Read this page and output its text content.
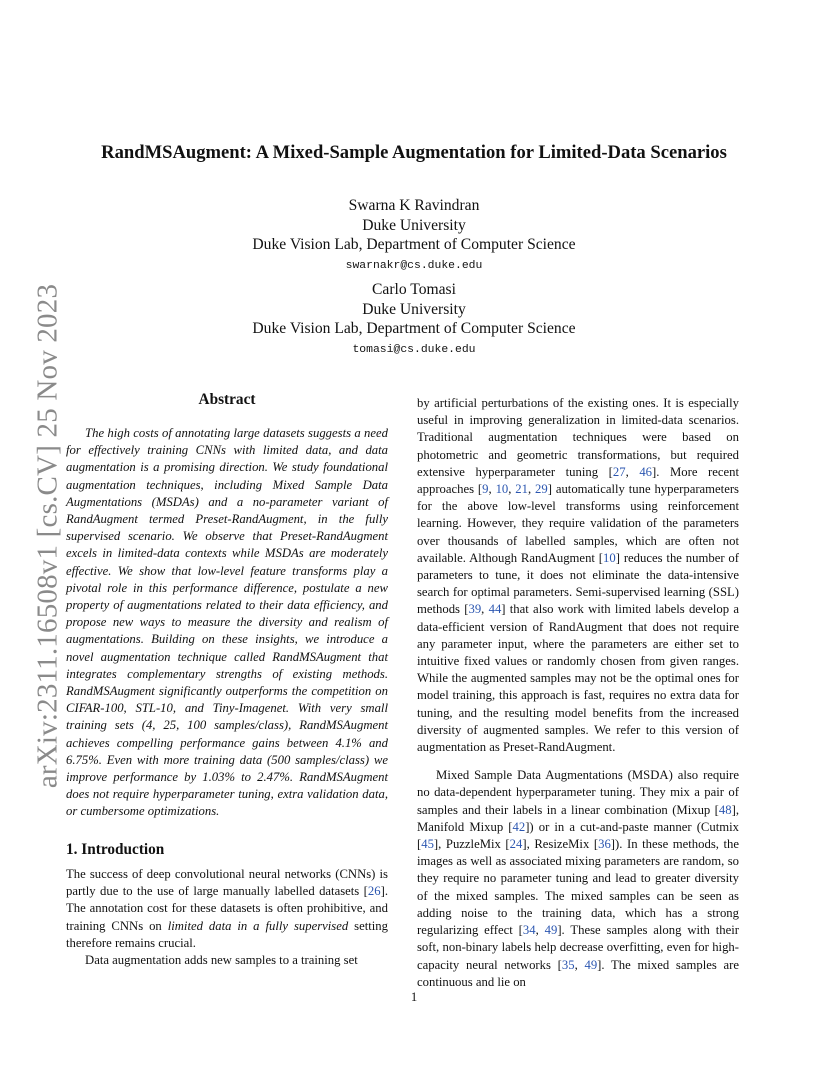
arXiv:2311.16508v1 [cs.CV] 25 Nov 2023
RandMSAugment: A Mixed-Sample Augmentation for Limited-Data Scenarios
Swarna K Ravindran
Duke University
Duke Vision Lab, Department of Computer Science
swarnakr@cs.duke.edu
Carlo Tomasi
Duke University
Duke Vision Lab, Department of Computer Science
tomasi@cs.duke.edu
Abstract

The high costs of annotating large datasets suggests a need for effectively training CNNs with limited data, and data augmentation is a promising direction. We study foundational augmentation techniques, including Mixed Sample Data Augmentations (MSDAs) and a no-parameter variant of RandAugment termed Preset-RandAugment, in the fully supervised scenario. We observe that Preset-RandAugment excels in limited-data contexts while MSDAs are moderately effective. We show that low-level feature transforms play a pivotal role in this performance difference, postulate a new property of augmentations related to their data efficiency, and propose new ways to measure the diversity and realism of augmentations. Building on these insights, we introduce a novel augmentation technique called RandMSAugment that integrates complementary strengths of existing methods. RandMSAugment significantly outperforms the competition on CIFAR-100, STL-10, and Tiny-Imagenet. With very small training sets (4, 25, 100 samples/class), RandMSAugment achieves compelling performance gains between 4.1% and 6.75%. Even with more training data (500 samples/class) we improve performance by 1.03% to 2.47%. RandMSAugment does not require hyperparameter tuning, extra validation data, or cumbersome optimizations.

1. Introduction

The success of deep convolutional neural networks (CNNs) is partly due to the use of large manually labelled datasets [26]. The annotation cost for these datasets is often prohibitive, and training CNNs on limited data in a fully supervised setting therefore remains crucial.

Data augmentation adds new samples to a training set

by artificial perturbations of the existing ones. It is especially useful in improving generalization in limited-data scenarios. Traditional augmentation techniques were based on photometric and geometric transformations, but required extensive hyperparameter tuning [27, 46]. More recent approaches [9, 10, 21, 29] automatically tune hyperparameters for the above low-level transforms using reinforcement learning. However, they require validation of the parameters over thousands of labelled samples, which are often not available. Although RandAugment [10] reduces the number of parameters to tune, it does not eliminate the data-intensive search for optimal parameters. Semi-supervised learning (SSL) methods [39, 44] that also work with limited labels develop a data-efficient version of RandAugment that does not require any parameter input, where the parameters are either set to intuitive fixed values or randomly chosen from given ranges. While the augmented samples may not be the optimal ones for model training, this approach is fast, requires no extra data for tuning, and the resulting model benefits from the increased diversity of augmented samples. We refer to this version of augmentation as Preset-RandAugment.

Mixed Sample Data Augmentations (MSDA) also require no data-dependent hyperparameter tuning. They mix a pair of samples and their labels in a linear combination (Mixup [48], Manifold Mixup [42]) or in a cut-and-paste manner (Cutmix [45], PuzzleMix [24], ResizeMix [36]). In these methods, the images as well as associated mixing parameters are random, so they require no parameter tuning and lead to greater diversity of the mixed samples. The mixed samples can be seen as adding noise to the training data, which has a strong regularizing effect [34, 49]. These samples along with their soft, non-binary labels help decrease overfitting, even for high-capacity neural networks [35, 49]. The mixed samples are continuous and lie on

1
